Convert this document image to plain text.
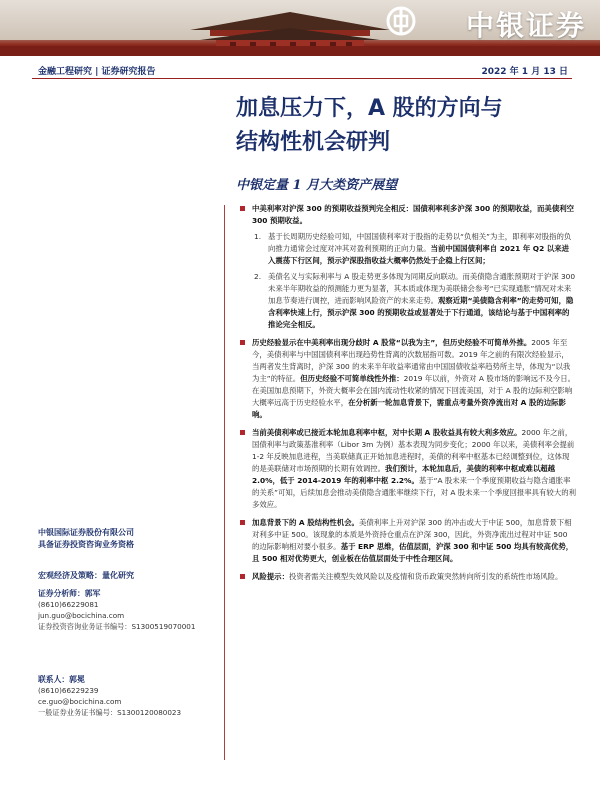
中银证券
金融工程研究 | 证券研究报告	2022 年 1 月 13 日
加息压力下，A 股的方向与
结构性机会研判
中银定量 1 月大类资产展望
中美利率对沪深 300 的预期收益预判完全相反：国债利率利多沪深 300 的预期收益，而美债利空 300 预期收益。
1. 基于长周期历史经验可知，中国国债利率对于股指的走势以“负相关”为主，即利率对股指的负向推力通常会过度对冲其对盈利预期的正向力量。当前中国国债利率自 2021 年 Q2 以来进入震荡下行区间，预示沪深股指收益大概率仍然处于企稳上行区间；
2. 美债名义与实际利率与 A 股走势更多体现为同期反向联动。而美债隐含通胀预期对于沪深 300 未来半年期收益的预测能力更为显著，其本质或体现为美联储会参考“已实现通胀”情况对未来加息节奏进行调控，进而影响风险资产的未来走势。观察近期“美债隐含利率”的走势可知，隐含利率快速上行，预示沪深 300 的预期收益或显著处于下行通道，该结论与基于中国利率的推论完全相反。
历史经验显示在中美利率出现分歧时 A 股常“以我为主”，但历史经验不可简单外推。2005 年至今，美债利率与中国国债利率出现趋势性背离的次数屈指可数。2019 年之前的有限次经验显示，当两者发生背离时，沪深 300 的未来半年收益率通常由中国国债收益率趋势所主导，体现为“以我为主”的特征。但历史经验不可简单线性外推：2019 年以前，外资对 A 股市场的影响远不及今日。在美国加息预期下，外资大概率会在国内流动性收紧的情况下回流美国，对于 A 股的边际利空影响大概率远高于历史经验水平，在分析新一轮加息背景下，需重点考量外资净流出对 A 股的边际影响。
当前美债利率或已接近本轮加息利率中枢，对中长期 A 股收益具有较大利多效应。2000 年之前，国债利率与政策基准利率（Libor 3m 为例）基本表现为同步变化；2000 年以来，美债利率会提前 1-2 年反映加息进程，当美联储真正开始加息进程时，美债的利率中枢基本已经调整到位，这体现的是美联储对市场预期的长期有效调控。我们预计，本轮加息后，美债的利率中枢或难以超越 2.0%，低于 2014-2019 年的利率中枢 2.2%。基于“A 股未来一个季度预期收益与隐含通胀率的关系”可知，后续加息会推动美债隐含通胀率继续下行，对 A 股未来一个季度回报率具有较大的利多效应。
加息背景下的 A 股结构性机会。美债利率上升对沪深 300 的冲击或大于中证 500，加息背景下相对利多中证 500。该现象的本质是外资持仓重点在沪深 300，因此，外资净流出过程对中证 500 的边际影响相对要小很多。基于 ERP 思维，估值层面，沪深 300 和中证 500 均具有较高优势，且 500 相对优势更大，创业板在估值层面处于中性合理区间。
风险提示：投资者需关注模型失效风险以及疫情和货币政策突然转向所引发的系统性市场风险。
中银国际证券股份有限公司
具备证券投资咨询业务资格
宏观经济及策略：量化研究
证券分析师：郭军
(8610)66229081
jun.guo@bocichina.com
证券投资咨询业务证书编号：S1300519070001
联系人：郭冕
(8610)66229239
ce.guo@bocichina.com
一般证券业务证书编号：S1300120080023
